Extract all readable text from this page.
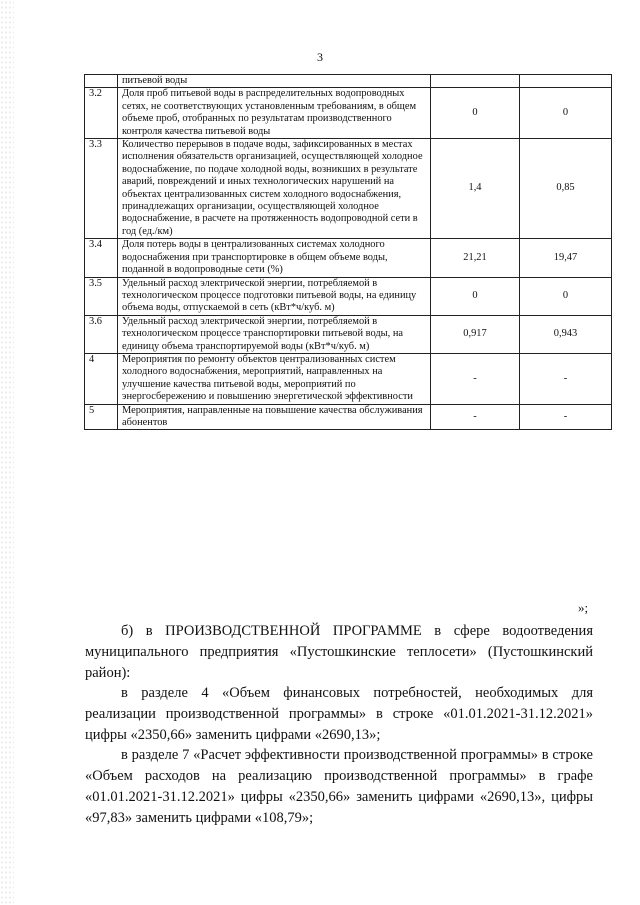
3
	питьевой воды		
3.2	Доля проб питьевой воды в распределительных водопроводных сетях, не соответствующих установленным требованиям, в общем объеме проб, отобранных по результатам производственного контроля качества питьевой воды	0	0
3.3	Количество перерывов в подаче воды, зафиксированных в местах исполнения обязательств организацией, осуществляющей холодное водоснабжение, по подаче холодной воды, возникших в результате аварий, повреждений и иных технологических нарушений на объектах централизованных систем холодного водоснабжения, принадлежащих организации, осуществляющей холодное водоснабжение, в расчете на протяженность водопроводной сети в год (ед./км)	1,4	0,85
3.4	Доля потерь воды в централизованных системах холодного водоснабжения при транспортировке в общем объеме воды, поданной в водопроводные сети (%)	21,21	19,47
3.5	Удельный расход электрической энергии, потребляемой в технологическом процессе подготовки питьевой воды, на единицу объема воды, отпускаемой в сеть (кВт*ч/куб. м)	0	0
3.6	Удельный расход электрической энергии, потребляемой в технологическом процессе транспортировки питьевой воды, на единицу объема транспортируемой воды (кВт*ч/куб. м)	0,917	0,943
4	Мероприятия по ремонту объектов централизованных систем холодного водоснабжения, мероприятий, направленных на улучшение качества питьевой воды, мероприятий по энергосбережению и повышению энергетической эффективности	-	-
5	Мероприятия, направленные на повышение качества обслуживания абонентов	-	-
»;
б) в ПРОИЗВОДСТВЕННОЙ ПРОГРАММЕ в сфере водоотведения муниципального предприятия «Пустошкинские теплосети» (Пустошкинский район):
в разделе 4 «Объем финансовых потребностей, необходимых для реализации производственной программы» в строке «01.01.2021-31.12.2021» цифры «2350,66» заменить цифрами «2690,13»;
в разделе 7 «Расчет эффективности производственной программы» в строке «Объем расходов на реализацию производственной программы» в графе «01.01.2021-31.12.2021» цифры «2350,66» заменить цифрами «2690,13», цифры «97,83» заменить цифрами «108,79»;
